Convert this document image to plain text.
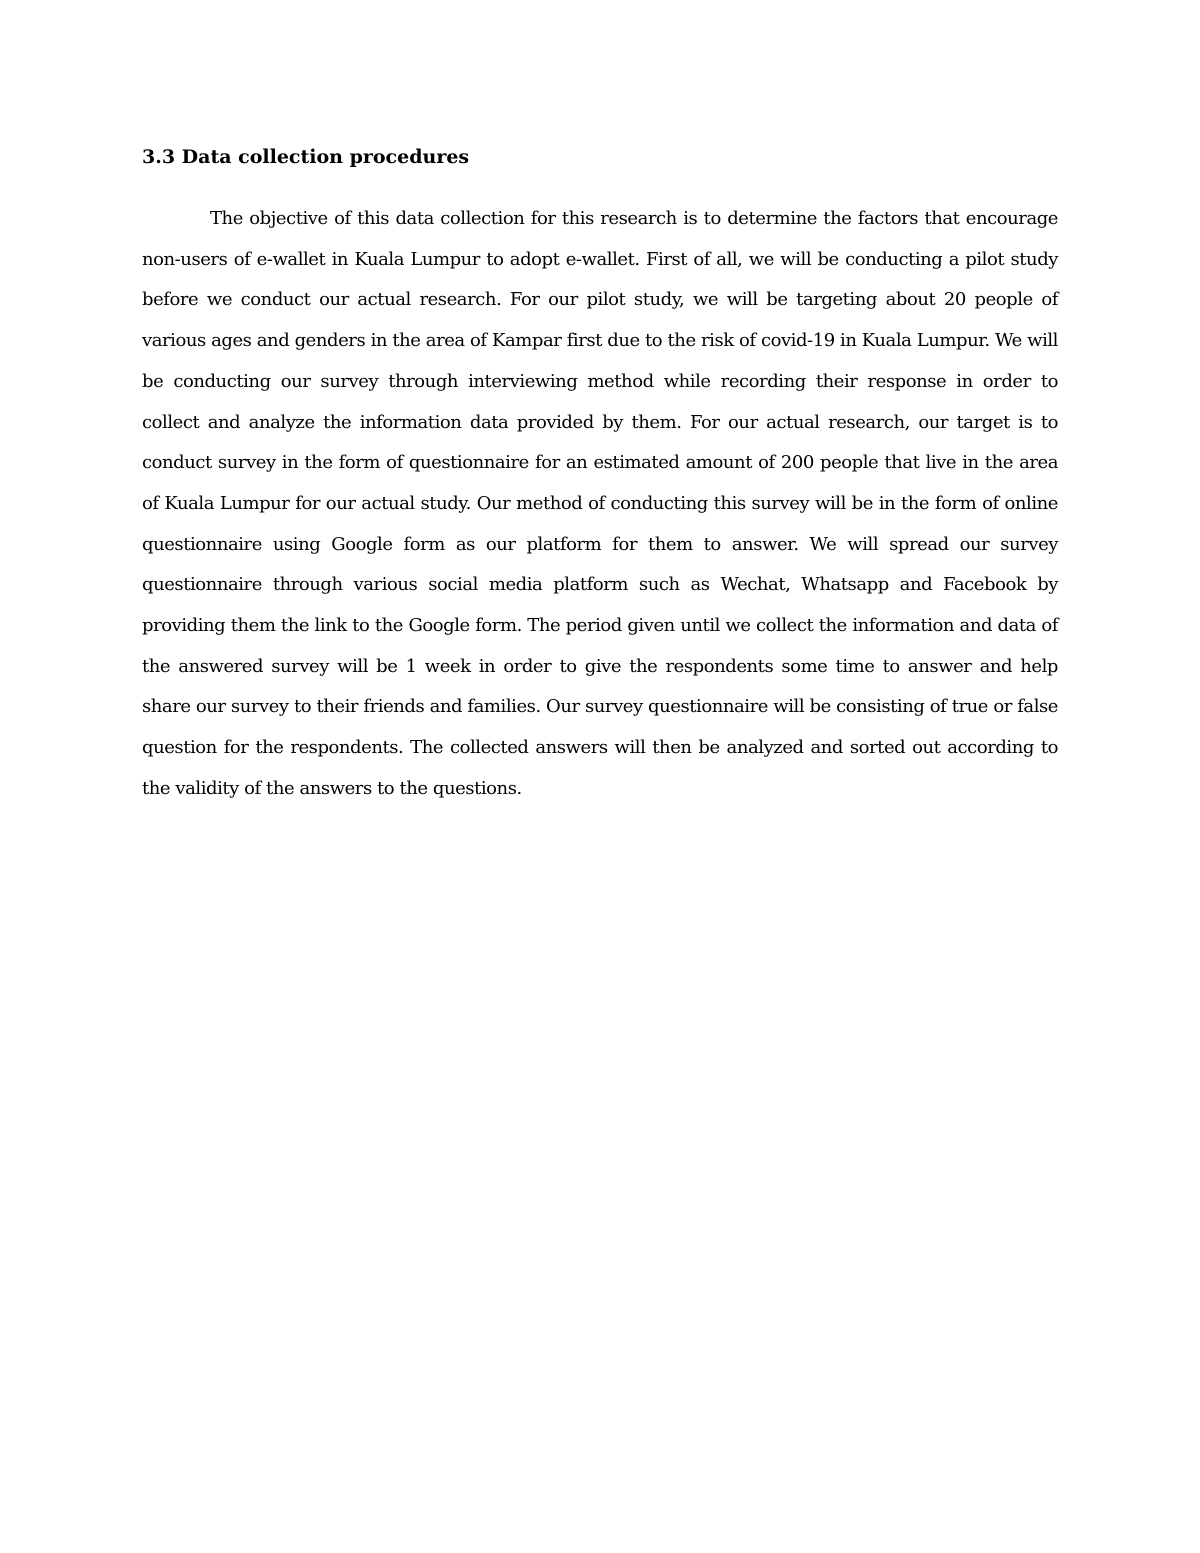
3.3 Data collection procedures

The objective of this data collection for this research is to determine the factors that encourage non-users of e-wallet in Kuala Lumpur to adopt e-wallet. First of all, we will be conducting a pilot study before we conduct our actual research. For our pilot study, we will be targeting about 20 people of various ages and genders in the area of Kampar first due to the risk of covid-19 in Kuala Lumpur. We will be conducting our survey through interviewing method while recording their response in order to collect and analyze the information data provided by them. For our actual research, our target is to conduct survey in the form of questionnaire for an estimated amount of 200 people that live in the area of Kuala Lumpur for our actual study. Our method of conducting this survey will be in the form of online questionnaire using Google form as our platform for them to answer. We will spread our survey questionnaire through various social media platform such as Wechat, Whatsapp and Facebook by providing them the link to the Google form. The period given until we collect the information and data of the answered survey will be 1 week in order to give the respondents some time to answer and help share our survey to their friends and families. Our survey questionnaire will be consisting of true or false question for the respondents. The collected answers will then be analyzed and sorted out according to the validity of the answers to the questions.
